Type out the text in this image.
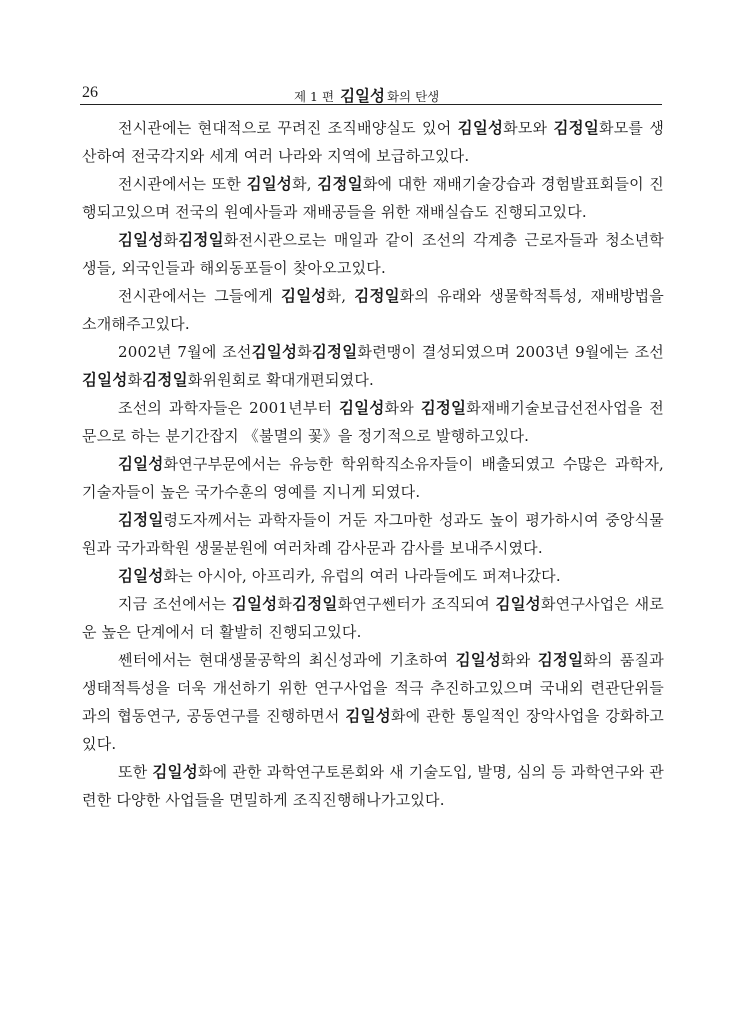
26	제 1 편 김일성 화의 탄생

전시관에는 현대적으로 꾸려진 조직배양실도 있어 김일성화모와 김정일화모를 생산하여 전국각지와 세계 여러 나라와 지역에 보급하고있다.

전시관에서는 또한 김일성화, 김정일화에 대한 재배기술강습과 경험발표회들이 진행되고있으며 전국의 원예사들과 재배공들을 위한 재배실습도 진행되고있다.

김일성화김정일화전시관으로는 매일과 같이 조선의 각계층 근로자들과 청소년학생들, 외국인들과 해외동포들이 찾아오고있다.

전시관에서는 그들에게 김일성화, 김정일화의 유래와 생물학적특성, 재배방법을 소개해주고있다.

2002년 7월에 조선김일성화김정일화련맹이 결성되였으며 2003년 9월에는 조선김일성화김정일화위원회로 확대개편되였다.

조선의 과학자들은 2001년부터 김일성화와 김정일화재배기술보급선전사업을 전문으로 하는 분기간잡지 《불멸의 꽃》을 정기적으로 발행하고있다.

김일성화연구부문에서는 유능한 학위학직소유자들이 배출되였고 수많은 과학자, 기술자들이 높은 국가수훈의 영예를 지니게 되였다.

김정일령도자께서는 과학자들이 거둔 자그마한 성과도 높이 평가하시여 중앙식물원과 국가과학원 생물분원에 여러차례 감사문과 감사를 보내주시였다.

김일성화는 아시아, 아프리카, 유럽의 여러 나라들에도 퍼져나갔다.

지금 조선에서는 김일성화김정일화연구쎈터가 조직되여 김일성화연구사업은 새로운 높은 단계에서 더 활발히 진행되고있다.

쎈터에서는 현대생물공학의 최신성과에 기초하여 김일성화와 김정일화의 품질과 생태적특성을 더욱 개선하기 위한 연구사업을 적극 추진하고있으며 국내외 련관단위들과의 협동연구, 공동연구를 진행하면서 김일성화에 관한 통일적인 장악사업을 강화하고있다.

또한 김일성화에 관한 과학연구토론회와 새 기술도입, 발명, 심의 등 과학연구와 관련한 다양한 사업들을 면밀하게 조직진행해나가고있다.
